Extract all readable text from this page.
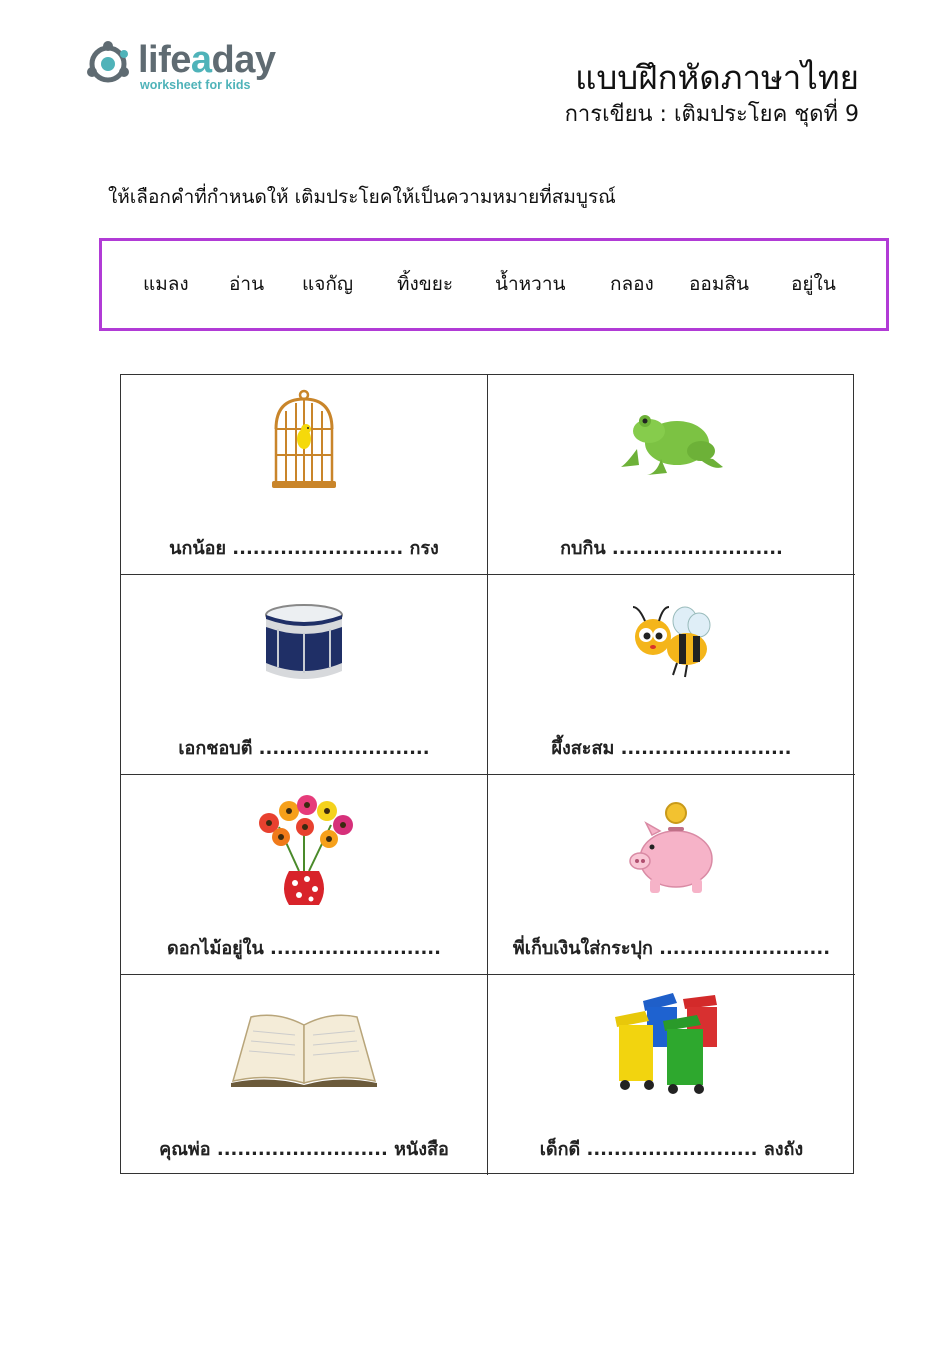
lifeaday
worksheet for kids	แบบฝึกหัดภาษาไทย
การเขียน : เติมประโยค ชุดที่ 9
ให้เลือกคำที่กำหนดให้ เติมประโยคให้เป็นความหมายที่สมบูรณ์
แมลง อ่าน แจกัญ ทิ้งขยะ น้ำหวาน กลอง ออมสิน อยู่ใน
นกน้อย ......................... กรง	กบกิน .........................
เอกชอบตี .........................	ผึ้งสะสม .........................
ดอกไม้อยู่ใน .........................	พี่เก็บเงินใส่กระปุก .........................
คุณพ่อ ......................... หนังสือ	เด็กดี ......................... ลงถัง
